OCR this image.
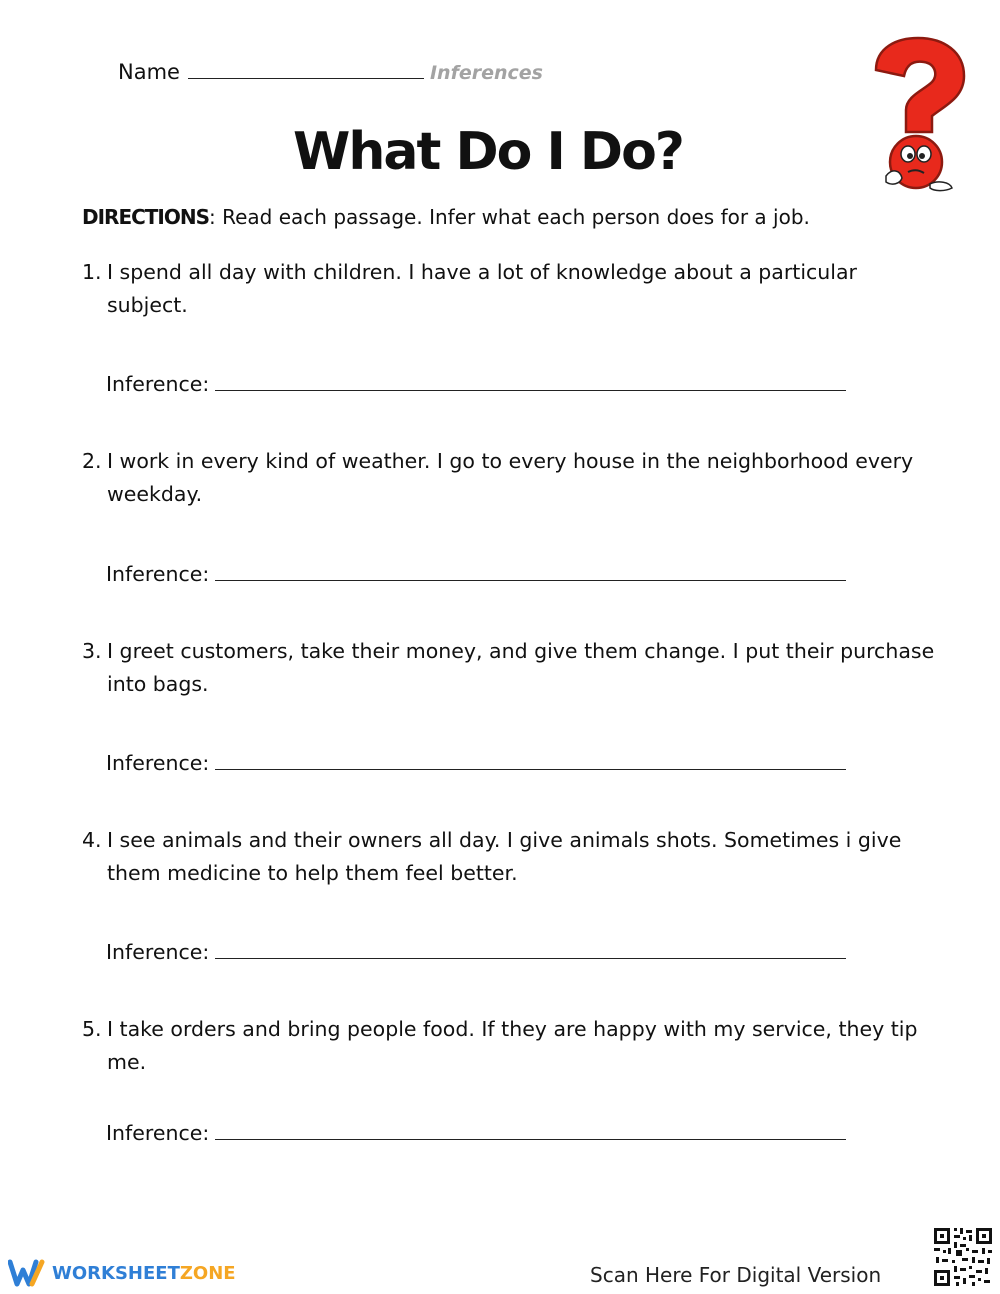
Name	Inferences
What Do I Do?
DIRECTIONS: Read each passage. Infer what each person does for a job.
1. I spend all day with children. I have a lot of knowledge about a particular subject.
Inference:
2. I work in every kind of weather. I go to every house in the neighborhood every weekday.
Inference:
3. I greet customers, take their money, and give them change. I put their purchase into bags.
Inference:
4. I see animals and their owners all day. I give animals shots. Sometimes i give them medicine to help them feel better.
Inference:
5. I take orders and bring people food. If they are happy with my service, they tip me.
Inference:
WORKSHEET ZONE	Scan Here For Digital Version
